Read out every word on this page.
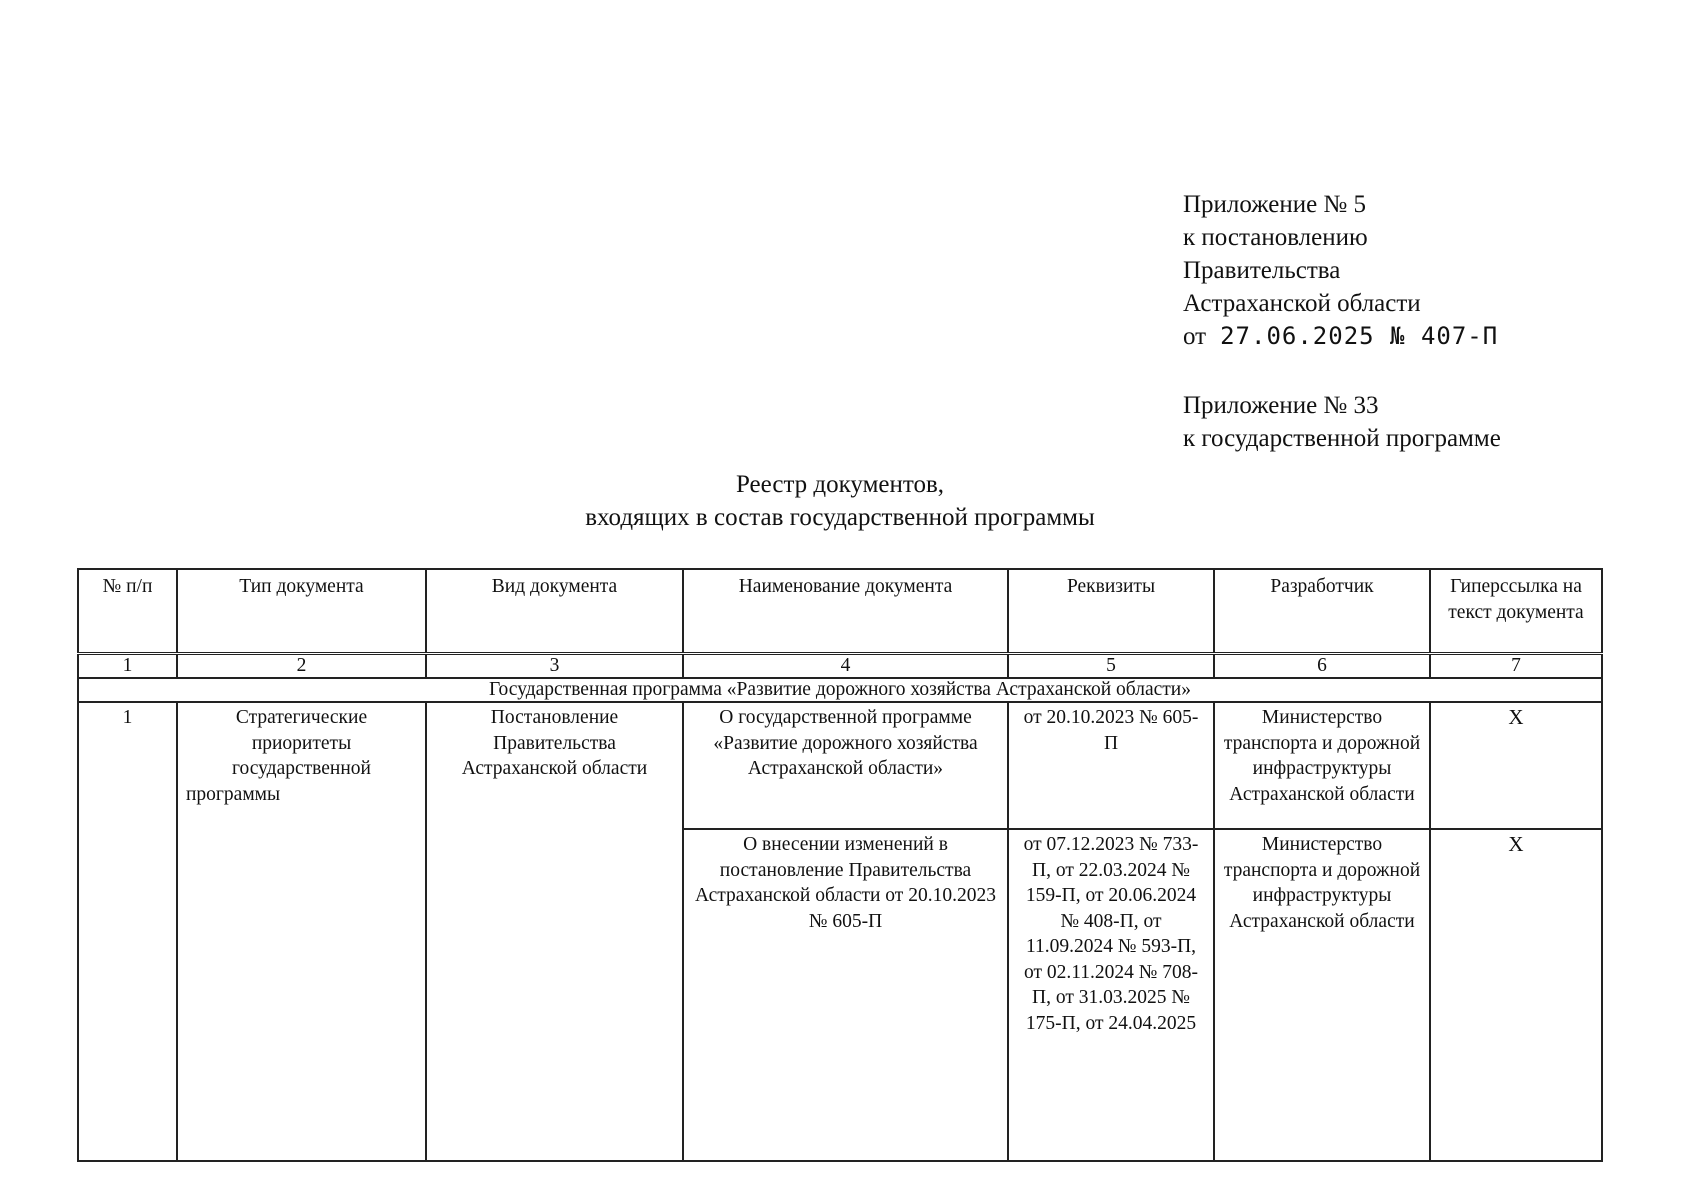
Приложение № 5
к постановлению
Правительства
Астраханской области
от 27.06.2025 № 407-П
Приложение № 33
к государственной программе
Реестр документов,
входящих в состав государственной программы
№ п/п	Тип документа	Вид документа	Наименование документа	Реквизиты	Разработчик	Гиперссылка на текст документа
1	2	3	4	5	6	7
Государственная программа «Развитие дорожного хозяйства Астраханской области»						
1	Стратегические приоритеты государственной программы	Постановление Правительства Астраханской области	О государственной программе «Развитие дорожного хозяйства Астраханской области»	от 20.10.2023 № 605-П	Министерство транспорта и дорожной инфраструктуры Астраханской области	X
			О внесении изменений в постановление Правительства Астраханской области от 20.10.2023 № 605-П	от 07.12.2023 № 733-П, от 22.03.2024 № 159-П, от 20.06.2024 № 408-П, от 11.09.2024 № 593-П, от 02.11.2024 № 708-П, от 31.03.2025 № 175-П, от 24.04.2025	Министерство транспорта и дорожной инфраструктуры Астраханской области	X
